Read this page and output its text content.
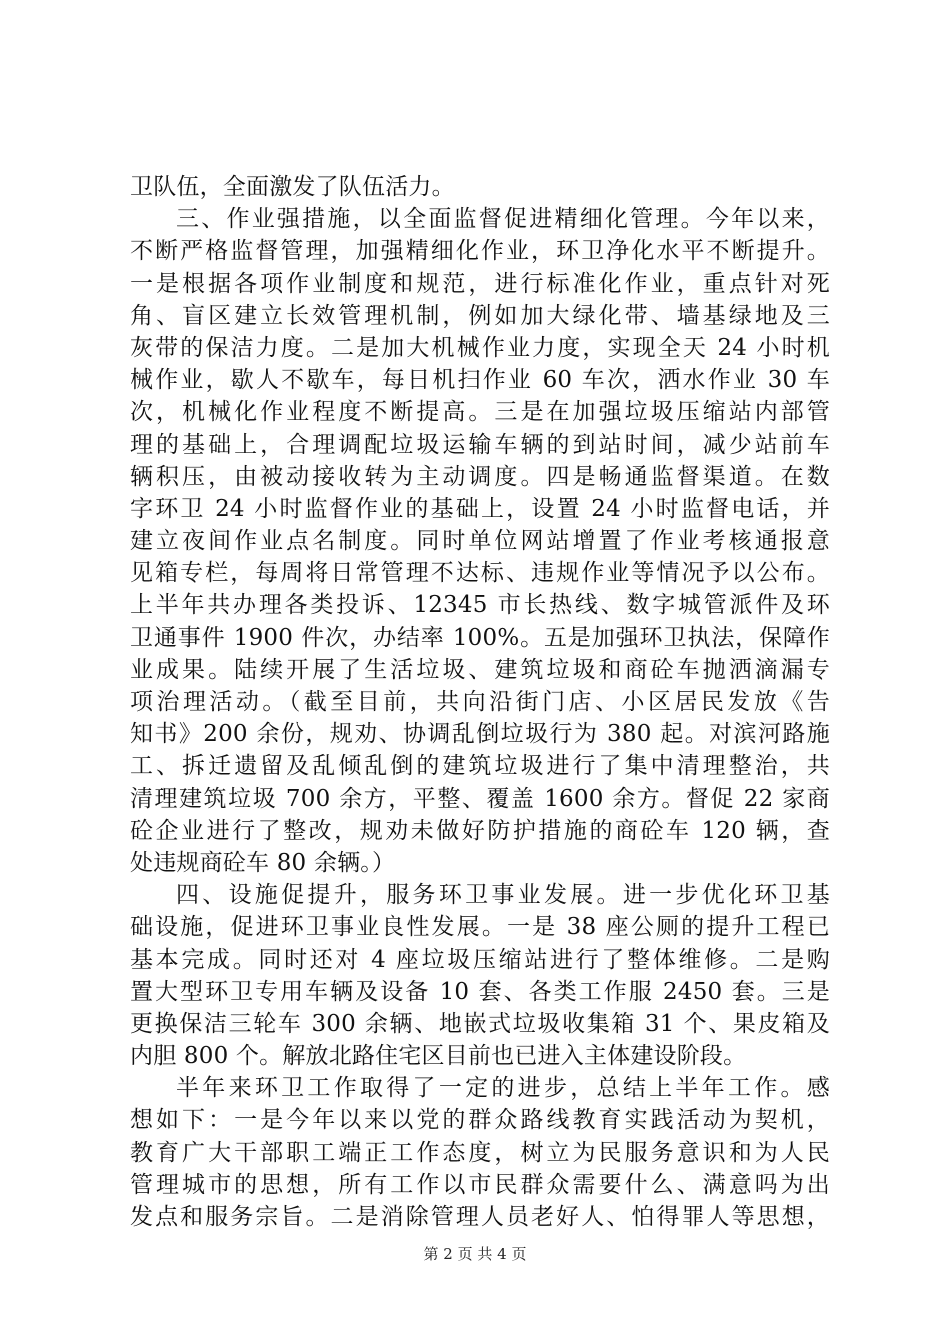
卫队伍，全面激发了队伍活力。
三、作业强措施，以全面监督促进精细化管理。今年以来，
不断严格监督管理，加强精细化作业，环卫净化水平不断提升。
一是根据各项作业制度和规范，进行标准化作业，重点针对死
角、盲区建立长效管理机制，例如加大绿化带、墙基绿地及三
灰带的保洁力度。二是加大机械作业力度，实现全天 24 小时机
械作业，歇人不歇车，每日机扫作业 60 车次，洒水作业 30 车
次，机械化作业程度不断提高。三是在加强垃圾压缩站内部管
理的基础上，合理调配垃圾运输车辆的到站时间，减少站前车
辆积压，由被动接收转为主动调度。四是畅通监督渠道。在数
字环卫 24 小时监督作业的基础上，设置 24 小时监督电话，并
建立夜间作业点名制度。同时单位网站增置了作业考核通报意
见箱专栏，每周将日常管理不达标、违规作业等情况予以公布。
上半年共办理各类投诉、12345 市长热线、数字城管派件及环
卫通事件 1900 件次，办结率 100%。五是加强环卫执法，保障作
业成果。陆续开展了生活垃圾、建筑垃圾和商砼车抛洒滴漏专
项治理活动。（截至目前，共向沿街门店、小区居民发放《告
知书》200 余份，规劝、协调乱倒垃圾行为 380 起。对滨河路施
工、拆迁遗留及乱倾乱倒的建筑垃圾进行了集中清理整治，共
清理建筑垃圾 700 余方，平整、覆盖 1600 余方。督促 22 家商
砼企业进行了整改，规劝未做好防护措施的商砼车 120 辆，查
处违规商砼车 80 余辆。）
四、设施促提升，服务环卫事业发展。进一步优化环卫基
础设施，促进环卫事业良性发展。一是 38 座公厕的提升工程已
基本完成。同时还对 4 座垃圾压缩站进行了整体维修。二是购
置大型环卫专用车辆及设备 10 套、各类工作服 2450 套。三是
更换保洁三轮车 300 余辆、地嵌式垃圾收集箱 31 个、果皮箱及
内胆 800 个。解放北路住宅区目前也已进入主体建设阶段。
半年来环卫工作取得了一定的进步，总结上半年工作。感
想如下：一是今年以来以党的群众路线教育实践活动为契机，
教育广大干部职工端正工作态度，树立为民服务意识和为人民
管理城市的思想，所有工作以市民群众需要什么、满意吗为出
发点和服务宗旨。二是消除管理人员老好人、怕得罪人等思想，
第 2 页 共 4 页
